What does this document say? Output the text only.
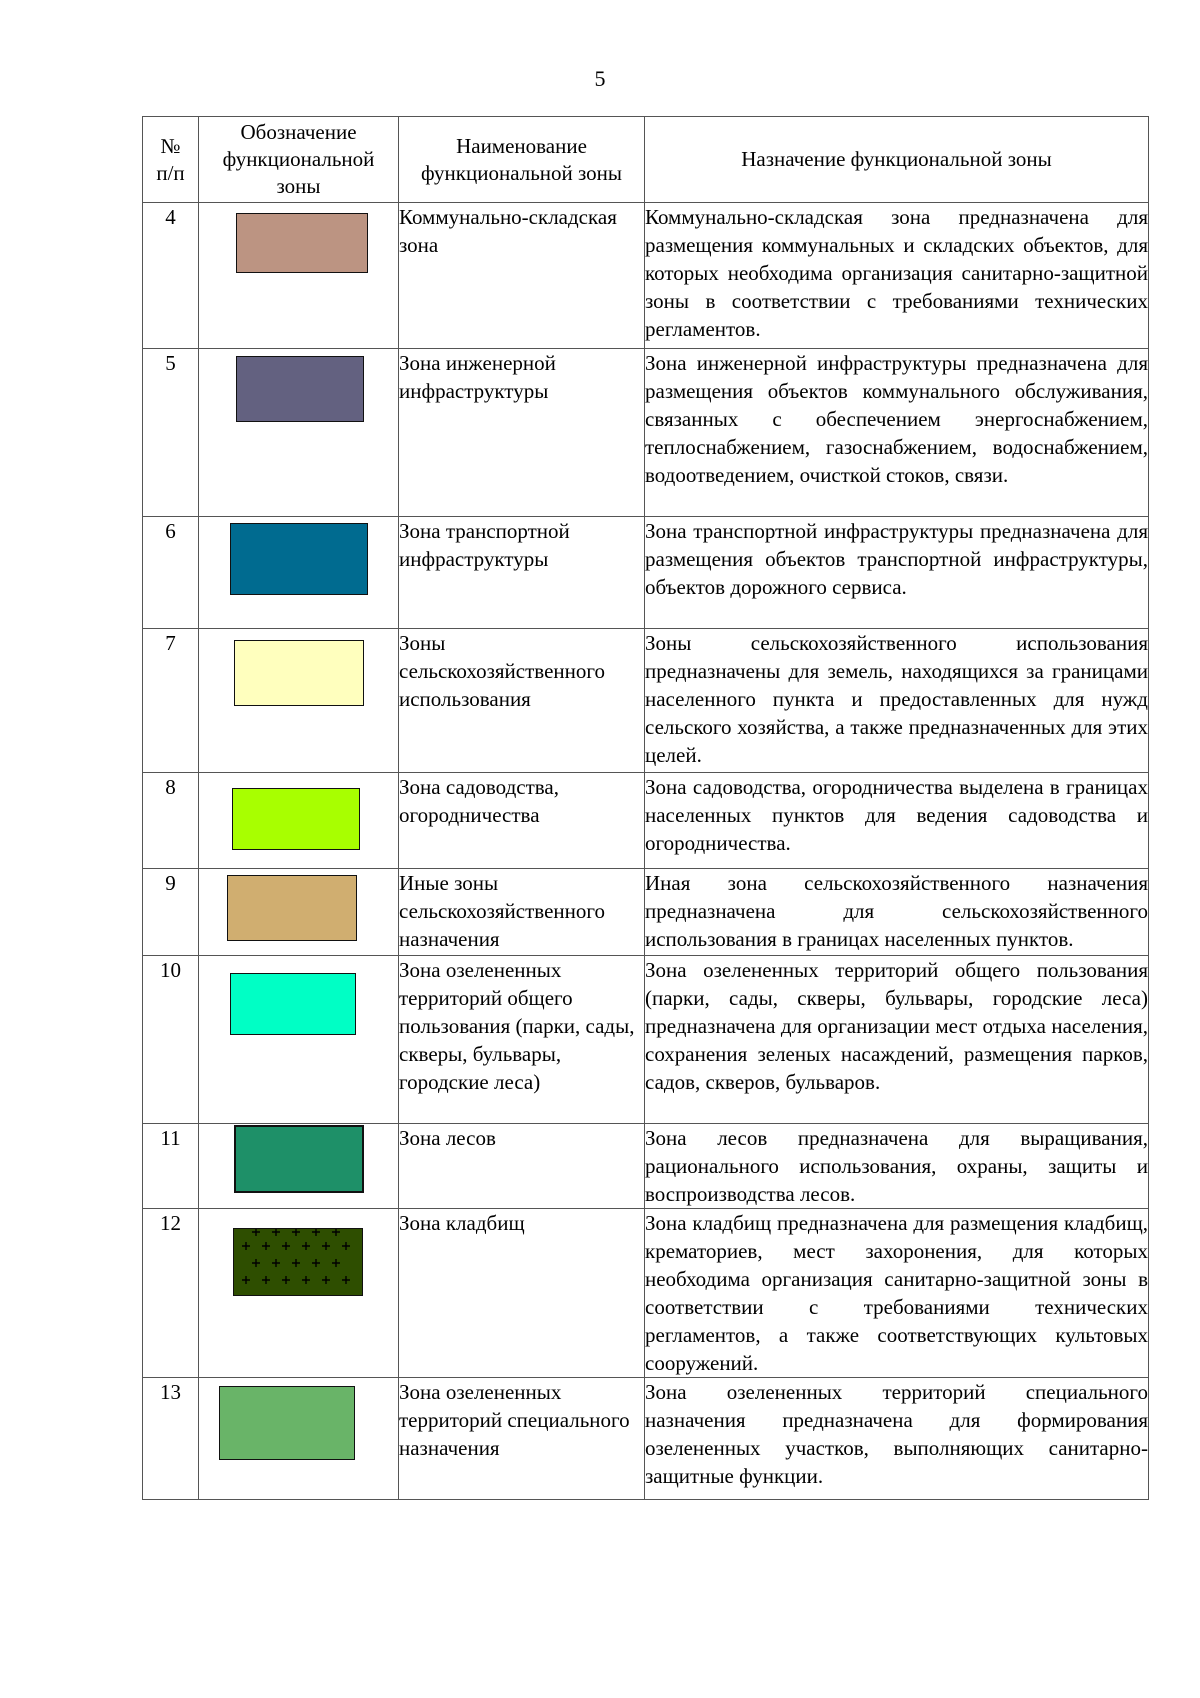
5
№
п/п	Обозначение функциональной зоны	Наименование функциональной зоны	Назначение функциональной зоны
4		Коммунально-складская зона	Коммунально-складская зона предназначена для размещения коммунальных и складских объектов, для которых необходима организация санитарно-защитной зоны в соответствии с требованиями технических регламентов.
5		Зона инженерной инфраструктуры	Зона инженерной инфраструктуры предназначена для размещения объектов коммунального обслуживания, связанных с обеспечением энергоснабжением, теплоснабжением, газоснабжением, водоснабжением, водоотведением, очисткой стоков, связи.
6		Зона транспортной инфраструктуры	Зона транспортной инфраструктуры предназначена для размещения объектов транспортной инфраструктуры, объектов дорожного сервиса.
7		Зоны сельскохозяйственного использования	Зоны сельскохозяйственного использования предназначены для земель, находящихся за границами населенного пункта и предоставленных для нужд сельского хозяйства, а также предназначенных для этих целей.
8		Зона садоводства, огородничества	Зона садоводства, огородничества выделена в границах населенных пунктов для ведения садоводства и огородничества.
9		Иные зоны сельскохозяйственного назначения	Иная зона сельскохозяйственного назначения предназначена для сельскохозяйственного использования в границах населенных пунктов.
10		Зона озелененных территорий общего пользования (парки, сады, скверы, бульвары, городские леса)	Зона озелененных территорий общего пользования (парки, сады, скверы, бульвары, городские леса) предназначена для организации мест отдыха населения, сохранения зеленых насаждений, размещения парков, садов, скверов, бульваров.
11		Зона лесов	Зона лесов предназначена для выращивания, рационального использования, охраны, защиты и воспроизводства лесов.
12		Зона кладбищ	Зона кладбищ предназначена для размещения кладбищ, крематориев, мест захоронения, для которых необходима организация санитарно-защитной зоны в соответствии с требованиями технических регламентов, а также соответствующих культовых сооружений.
13		Зона озелененных территорий специального назначения	Зона озелененных территорий специального назначения предназначена для формирования озелененных участков, выполняющих санитарно-защитные функции.
